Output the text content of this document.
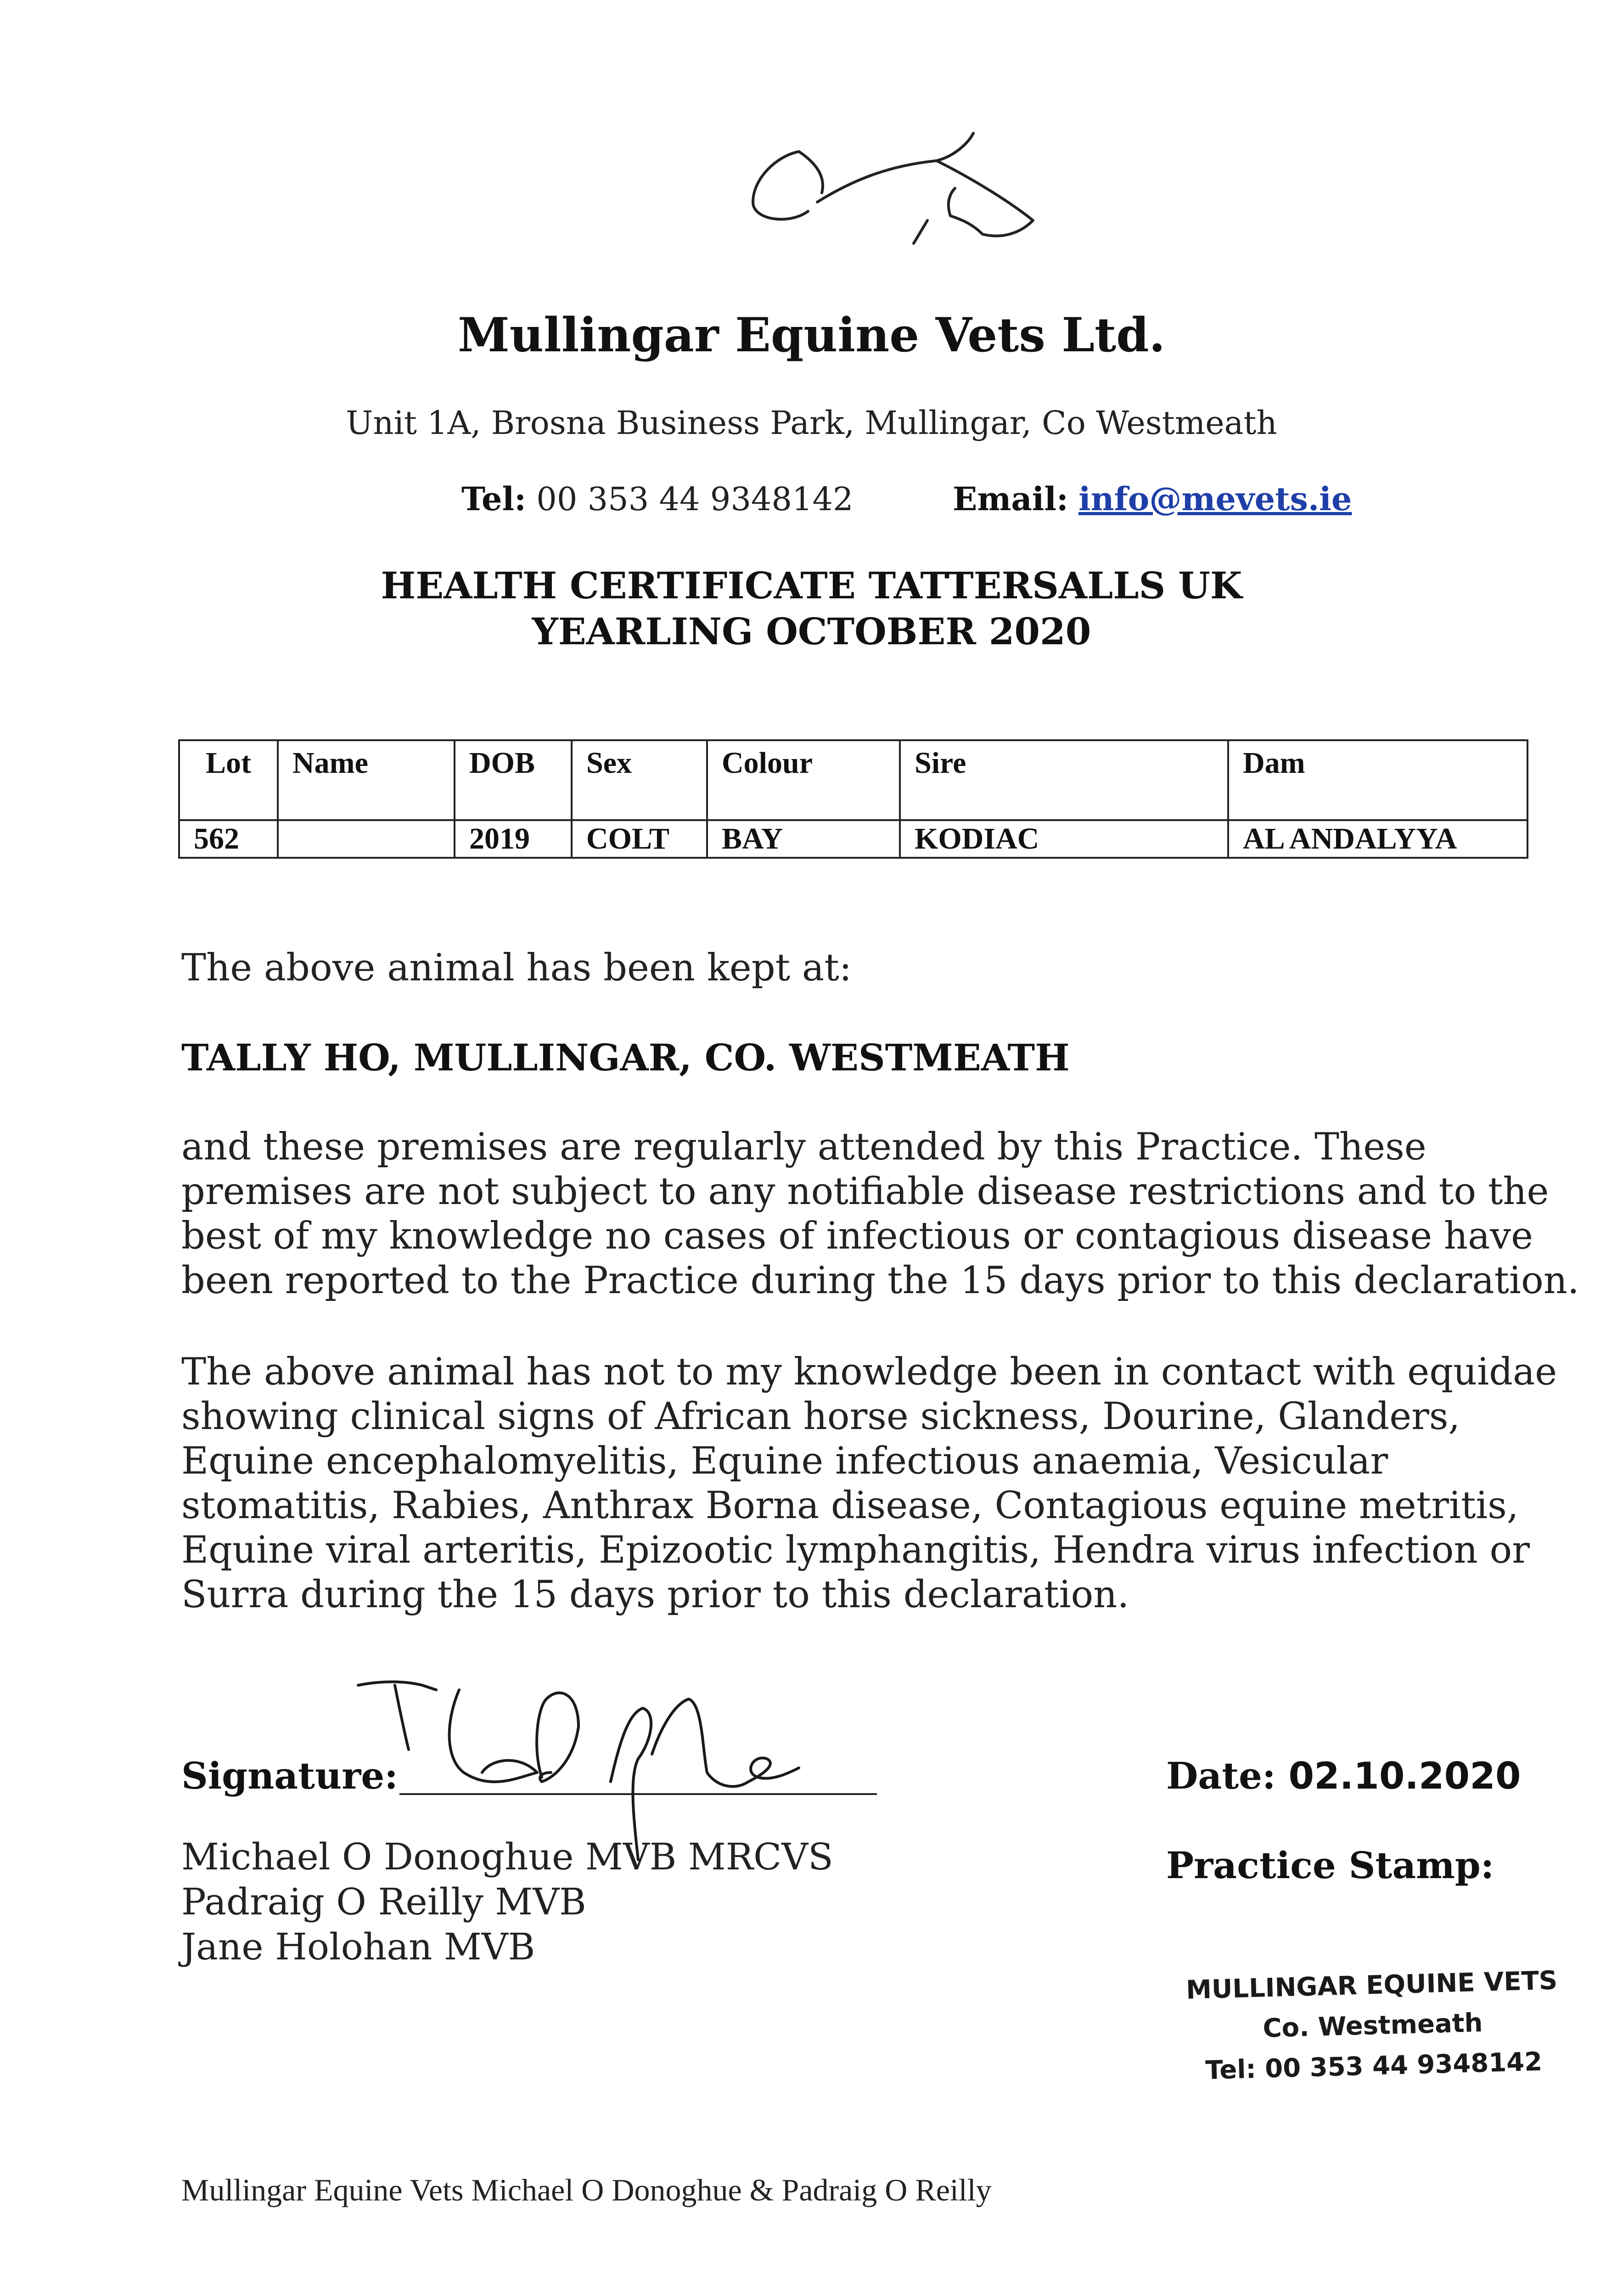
Mullingar Equine Vets Ltd.
Unit 1A, Brosna Business Park, Mullingar, Co Westmeath
Tel: 00 353 44 9348142	Email: info@mevets.ie
HEALTH CERTIFICATE TATTERSALLS UK
YEARLING OCTOBER 2020
Lot	Name	DOB	Sex	Colour	Sire	Dam
562		2019	COLT	BAY	KODIAC	AL ANDALYYA
The above animal has been kept at:
TALLY HO, MULLINGAR, CO. WESTMEATH
and these premises are regularly attended by this Practice. These premises are not subject to any notifiable disease restrictions and to the best of my knowledge no cases of infectious or contagious disease have been reported to the Practice during the 15 days prior to this declaration.
The above animal has not to my knowledge been in contact with equidae showing clinical signs of African horse sickness, Dourine, Glanders, Equine encephalomyelitis, Equine infectious anaemia, Vesicular stomatitis, Rabies, Anthrax Borna disease, Contagious equine metritis, Equine viral arteritis, Epizootic lymphangitis, Hendra virus infection or Surra during the 15 days prior to this declaration.
Signature:
Michael O Donoghue MVB MRCVS
Padraig O Reilly MVB
Jane Holohan MVB
Date: 02.10.2020
Practice Stamp:
MULLINGAR EQUINE VETS
Co. Westmeath
Tel: 00 353 44 9348142
Mullingar Equine Vets Michael O Donoghue & Padraig O Reilly
